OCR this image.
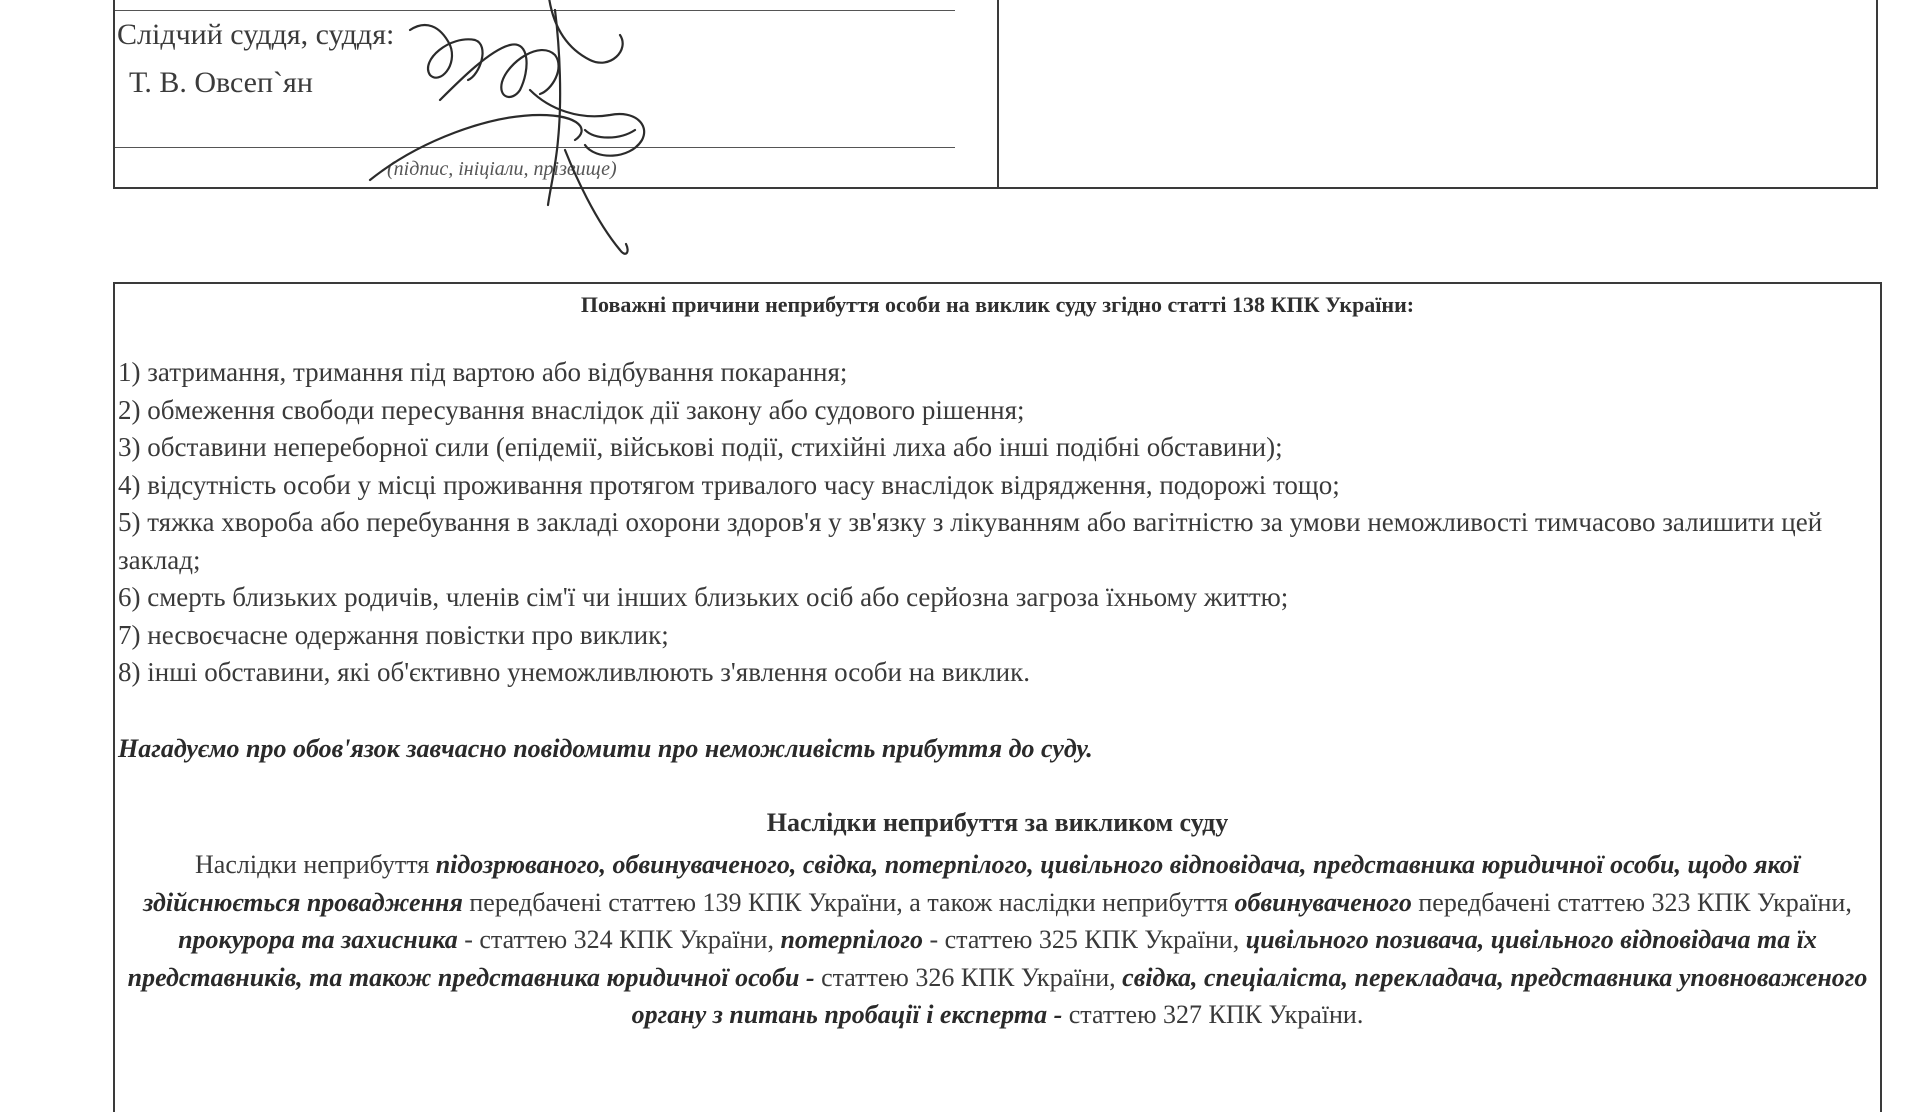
Слідчий суддя, суддя:
Т. В. Овсеп`ян
(підпис, ініціали, прізвище)
Поважні причини неприбуття особи на виклик суду згідно статті 138 КПК України:
1) затримання, тримання під вартою або відбування покарання;
2) обмеження свободи пересування внаслідок дії закону або судового рішення;
3) обставини непереборної сили (епідемії, військові події, стихійні лиха або інші подібні обставини);
4) відсутність особи у місці проживання протягом тривалого часу внаслідок відрядження, подорожі тощо;
5) тяжка хвороба або перебування в закладі охорони здоров'я у зв'язку з лікуванням або вагітністю за умови неможливості тимчасово залишити цей заклад;
6) смерть близьких родичів, членів сім'ї чи інших близьких осіб або серйозна загроза їхньому життю;
7) несвоєчасне одержання повістки про виклик;
8) інші обставини, які об'єктивно унеможливлюють з'явлення особи на виклик.
Нагадуємо про обов'язок завчасно повідомити про неможливість прибуття до суду.
Наслідки неприбуття за викликом суду
Наслідки неприбуття підозрюваного, обвинуваченого, свідка, потерпілого, цивільного відповідача, представника юридичної особи, щодо якої здійснюється провадження передбачені статтею 139 КПК України, а також наслідки неприбуття обвинуваченого передбачені статтею 323 КПК України, прокурора та захисника - статтею 324 КПК України, потерпілого - статтею 325 КПК України, цивільного позивача, цивільного відповідача та їх представників, та також представника юридичної особи - статтею 326 КПК України, свідка, спеціаліста, перекладача, представника уповноваженого органу з питань пробації і експерта - статтею 327 КПК України.
